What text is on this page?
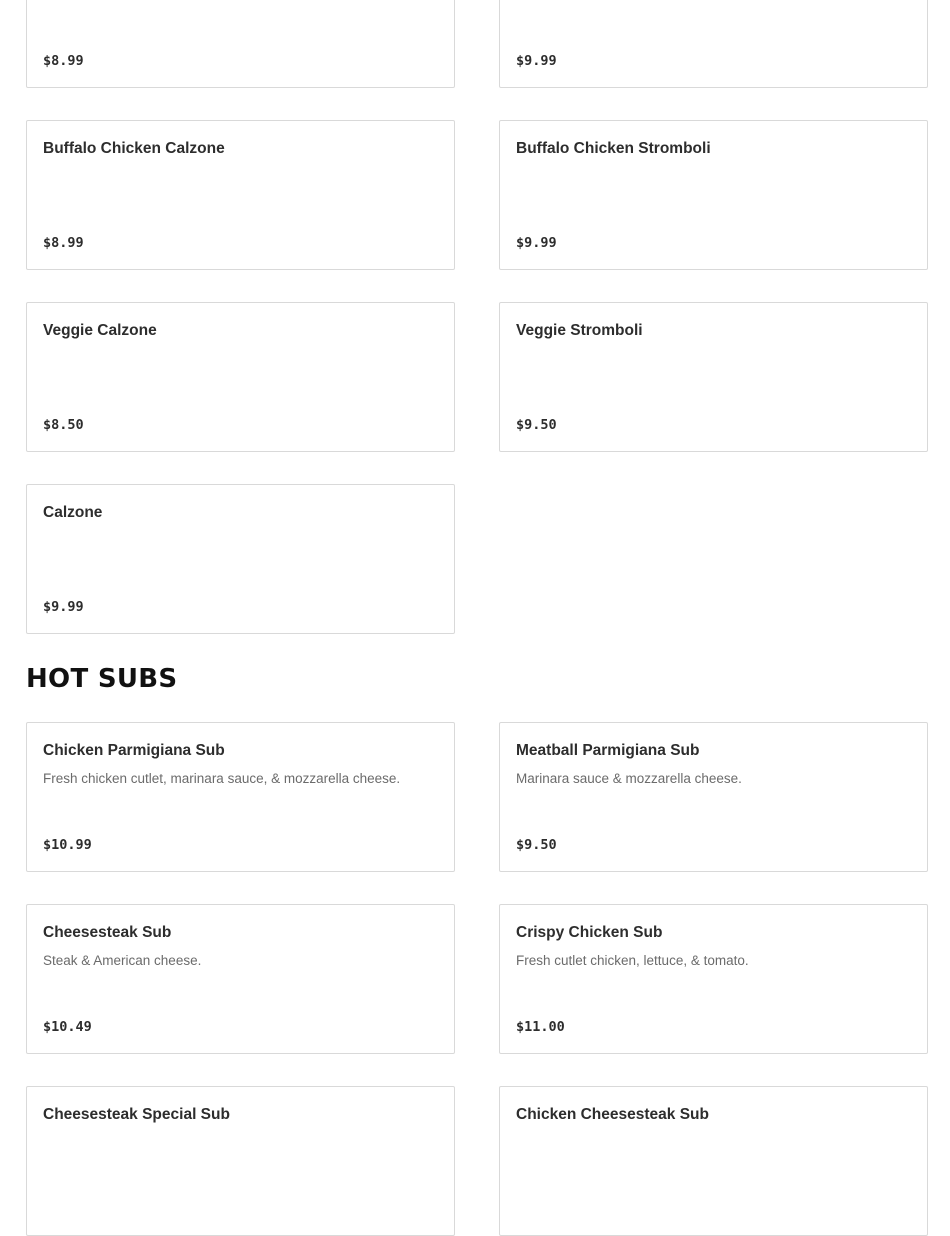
$8.99	$9.99
Buffalo Chicken Calzone
$8.99
Buffalo Chicken Stromboli
$9.99
Veggie Calzone
$8.50
Veggie Stromboli
$9.50
Calzone
$9.99
HOT SUBS
Chicken Parmigiana Sub
Fresh chicken cutlet, marinara sauce, & mozzarella cheese.
$10.99
Meatball Parmigiana Sub
Marinara sauce & mozzarella cheese.
$9.50
Cheesesteak Sub
Steak & American cheese.
$10.49
Crispy Chicken Sub
Fresh cutlet chicken, lettuce, & tomato.
$11.00
Cheesesteak Special Sub	Chicken Cheesesteak Sub
